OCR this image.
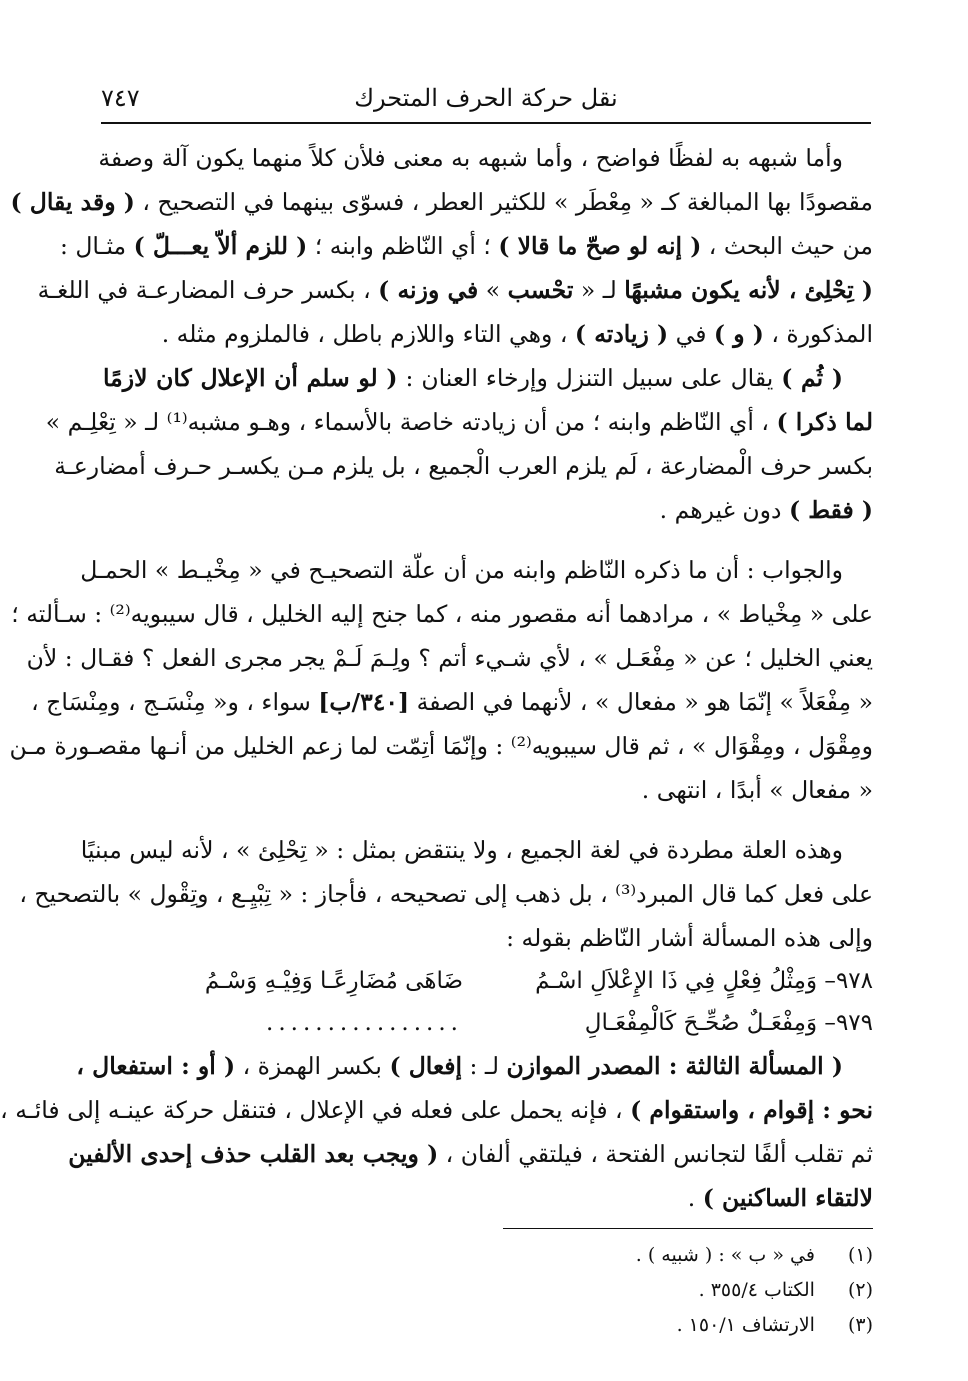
٧٤٧	نقل حركة الحرف المتحرك
وأما شبهه به لفظًا فواضح ، وأما شبهه به معنى فلأن كلاً منهما يكون آلة وصفة
مقصودًا بها المبالغة كـ « مِعْطَر » للكثير العطر ، فسوّى بينهما في التصحيح ، ( وقد يقال )
من حيث البحث ، ( إنه لو صحّ ما قالا ) ؛ أي النّاظم وابنه ؛ ( للزم ألاّ يعـــلّ ) مثـال :
( تِحْلِئ ، لأنه يكون مشبهًا لـ « تحْسب » في وزنه ) ، بكسر حرف المضارعـة في اللغـة
المذكورة ، ( و ) في ( زيادته ) ، وهي التاء واللازم باطل ، فالملزوم مثله .
( ثُم ) يقال على سبيل التنزل وإرخاء العنان : ( لو سلم أن الإعلال كان لازمًا
لما ذكرا ) ، أي النّاظم وابنه ؛ من أن زيادته خاصة بالأسماء ، وهـو مشبه⁽¹⁾ لـ « تِعْلِـم »
بكسر حرف الْمضارعة ، لَم يلزم العرب الْجميع ، بل يلزم مـن يكسـر حـرف أمضارعـة
( فقط ) دون غيرهم .
والجواب : أن ما ذكره النّاظم وابنه من أن علّة التصحيـح في « مِخْيـط » الحمـل
على « مِخْياط » ، مرادهما أنه مقصور منه ، كما جنح إليه الخليل ، قال سيبويه⁽²⁾ : سـألته ؛
يعني الخليل ؛ عن « مِفْعَـل » ، لأي شـيء أتم ؟ ولِـمَ لَـمْ يجر مجرى الفعل ؟ فقـال : لأن
« مِفْعَلاً » إنّمَا هو « مفعال » ، لأنهما في الصفة [٣٤٠/ب] سواء ، و« مِنْسَـج ، ومِنْسَاج ،
ومِقْوَل ، ومِقْوَال » ، ثم قال سيبويه⁽²⁾ : وإنّمَا أتِمّت لما زعم الخليل من أنـها مقصـورة مـن
« مفعال » أبدًا ، انتهى .
وهذه العلة مطردة في لغة الجميع ، ولا ينتقض بمثل : « تِحْلِئ » ، لأنه ليس مبنيًا
على فعل كما قال المبرد⁽³⁾ ، بل ذهب إلى تصحيحه ، فأجاز : « تِبْيِـع ، وتِقْول » بالتصحيح ،
وإلى هذه المسألة أشار النّاظم بقوله :
٩٧٨– وَمِثْلُ فِعْلٍ فِي ذَا الإِعْلاَلِ اسْـمُ
ضَاهَى مُضَارِعًـا وَفِيْـهِ وَسْـمُ
٩٧٩– وَمِفْعَـلٌ صُحِّـحَ كَالْمِفْعَـالِ
................
( المسألة الثالثة : المصدر الموازن لـ : إفعال ) بكسر الهمزة ، ( أو : استفعال ،
نحو : إقوام ، واستقوام ) ، فإنه يحمل على فعله في الإعلال ، فتنقل حركة عينـه إلى فائـه ،
ثم تقلب ألفًا لتجانس الفتحة ، فيلتقي ألفان ، ( ويجب بعد القلب حذف إحدى الألفين
لالتقاء الساكنين ) .
(١) في « ب » : ( شبيه ) .
(٢) الكتاب ٣٥٥/٤ .
(٣) الارتشاف ١٥٠/١ .
